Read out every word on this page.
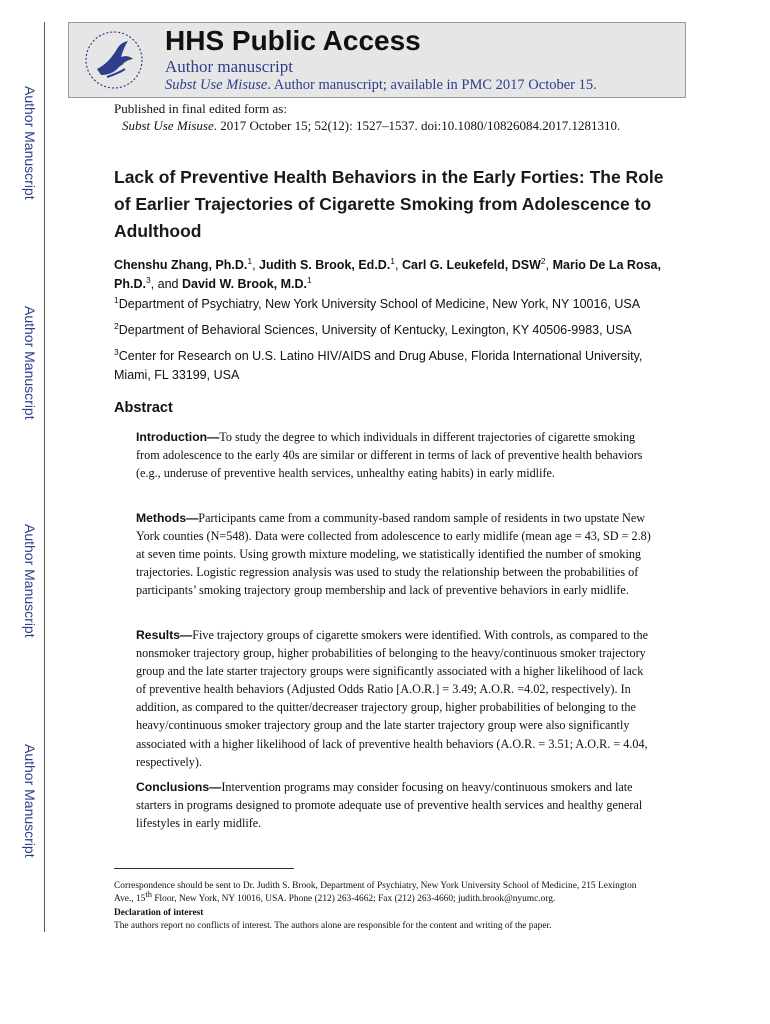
Author Manuscript
Author Manuscript
Author Manuscript
Author Manuscript
HHS Public Access
Author manuscript
Subst Use Misuse. Author manuscript; available in PMC 2017 October 15.
Published in final edited form as:
Subst Use Misuse. 2017 October 15; 52(12): 1527–1537. doi:10.1080/10826084.2017.1281310.
Lack of Preventive Health Behaviors in the Early Forties: The Role of Earlier Trajectories of Cigarette Smoking from Adolescence to Adulthood
Chenshu Zhang, Ph.D.$^1$, Judith S. Brook, Ed.D.$^1$, Carl G. Leukefeld, DSW$^2$, Mario De La Rosa, Ph.D.$^3$, and David W. Brook, M.D.$^1$
$^1$Department of Psychiatry, New York University School of Medicine, New York, NY 10016, USA
$^2$Department of Behavioral Sciences, University of Kentucky, Lexington, KY 40506-9983, USA
$^3$Center for Research on U.S. Latino HIV/AIDS and Drug Abuse, Florida International University, Miami, FL 33199, USA
Abstract
Introduction—To study the degree to which individuals in different trajectories of cigarette smoking from adolescence to the early 40s are similar or different in terms of lack of preventive health behaviors (e.g., underuse of preventive health services, unhealthy eating habits) in early midlife.
Methods—Participants came from a community-based random sample of residents in two upstate New York counties (N=548). Data were collected from adolescence to early midlife (mean age = 43, SD = 2.8) at seven time points. Using growth mixture modeling, we statistically identified the number of smoking trajectories. Logistic regression analysis was used to study the relationship between the probabilities of participants’ smoking trajectory group membership and lack of preventive behaviors in early midlife.
Results—Five trajectory groups of cigarette smokers were identified. With controls, as compared to the nonsmoker trajectory group, higher probabilities of belonging to the heavy/continuous smoker trajectory group and the late starter trajectory groups were significantly associated with a higher likelihood of lack of preventive health behaviors (Adjusted Odds Ratio [A.O.R.] = 3.49; A.O.R. =4.02, respectively). In addition, as compared to the quitter/decreaser trajectory group, higher probabilities of belonging to the heavy/continuous smoker trajectory group and the late starter trajectory group were also significantly associated with a higher likelihood of lack of preventive health behaviors (A.O.R. = 3.51; A.O.R. = 4.04, respectively).
Conclusions—Intervention programs may consider focusing on heavy/continuous smokers and late starters in programs designed to promote adequate use of preventive health services and healthy general lifestyles in early midlife.
Correspondence should be sent to Dr. Judith S. Brook, Department of Psychiatry, New York University School of Medicine, 215 Lexington Ave., 15th Floor, New York, NY 10016, USA. Phone (212) 263-4662; Fax (212) 263-4660; judith.brook@nyumc.org.
Declaration of interest
The authors report no conflicts of interest. The authors alone are responsible for the content and writing of the paper.
